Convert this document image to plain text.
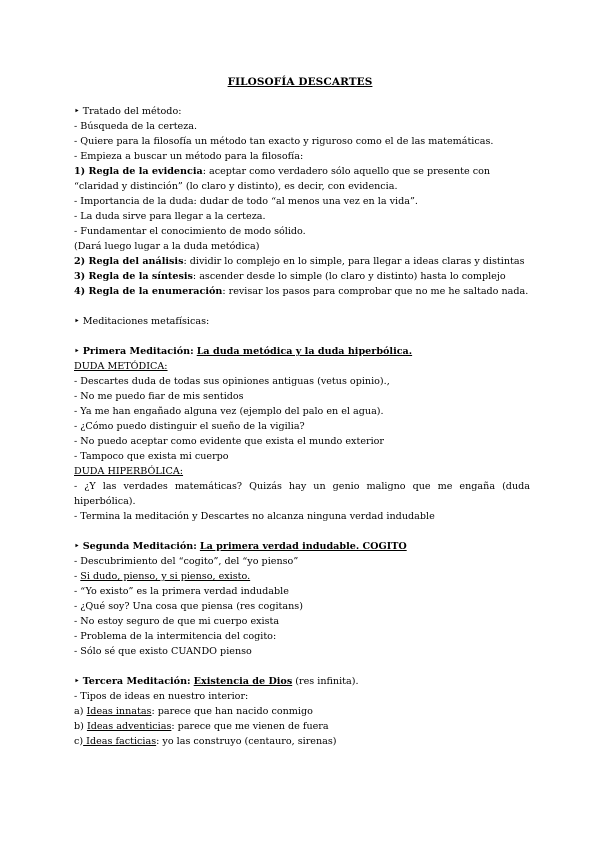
FILOSOFÍA DESCARTES
‣ Tratado del método:
- Búsqueda de la certeza.
- Quiere para la filosofía un método tan exacto y riguroso como el de las matemáticas.
- Empieza a buscar un método para la filosofía:
1) Regla de la evidencia: aceptar como verdadero sólo aquello que se presente con “claridad y distinción” (lo claro y distinto), es decir, con evidencia.
- Importancia de la duda: dudar de todo “al menos una vez en la vida”.
- La duda sirve para llegar a la certeza.
- Fundamentar el conocimiento de modo sólido.
(Dará luego lugar a la duda metódica)
2) Regla del análisis: dividir lo complejo en lo simple, para llegar a ideas claras y distintas
3) Regla de la síntesis: ascender desde lo simple (lo claro y distinto) hasta lo complejo
4) Regla de la enumeración: revisar los pasos para comprobar que no me he saltado nada.
‣ Meditaciones metafísicas:
‣ Primera Meditación: La duda metódica y la duda hiperbólica.
DUDA METÓDICA:
- Descartes duda de todas sus opiniones antiguas (vetus opinio).,
- No me puedo fiar de mis sentidos
- Ya me han engañado alguna vez (ejemplo del palo en el agua).
- ¿Cómo puedo distinguir el sueño de la vigilia?
- No puedo aceptar como evidente que exista el mundo exterior
- Tampoco que exista mi cuerpo
DUDA HIPERBÓLICA:
- ¿Y las verdades matemáticas? Quizás hay un genio maligno que me engaña (duda hiperbólica).
- Termina la meditación y Descartes no alcanza ninguna verdad indudable
‣ Segunda Meditación: La primera verdad indudable. COGITO
- Descubrimiento del “cogito”, del “yo pienso”
- Si dudo, pienso, y si pienso, existo.
- “Yo existo” es la primera verdad indudable
- ¿Qué soy? Una cosa que piensa (res cogitans)
- No estoy seguro de que mi cuerpo exista
- Problema de la intermitencia del cogito:
- Sólo sé que existo CUANDO pienso
‣ Tercera Meditación: Existencia de Dios (res infinita).
- Tipos de ideas en nuestro interior:
a) Ideas innatas: parece que han nacido conmigo
b) Ideas adventicias: parece que me vienen de fuera
c) Ideas facticias: yo las construyo (centauro, sirenas)
